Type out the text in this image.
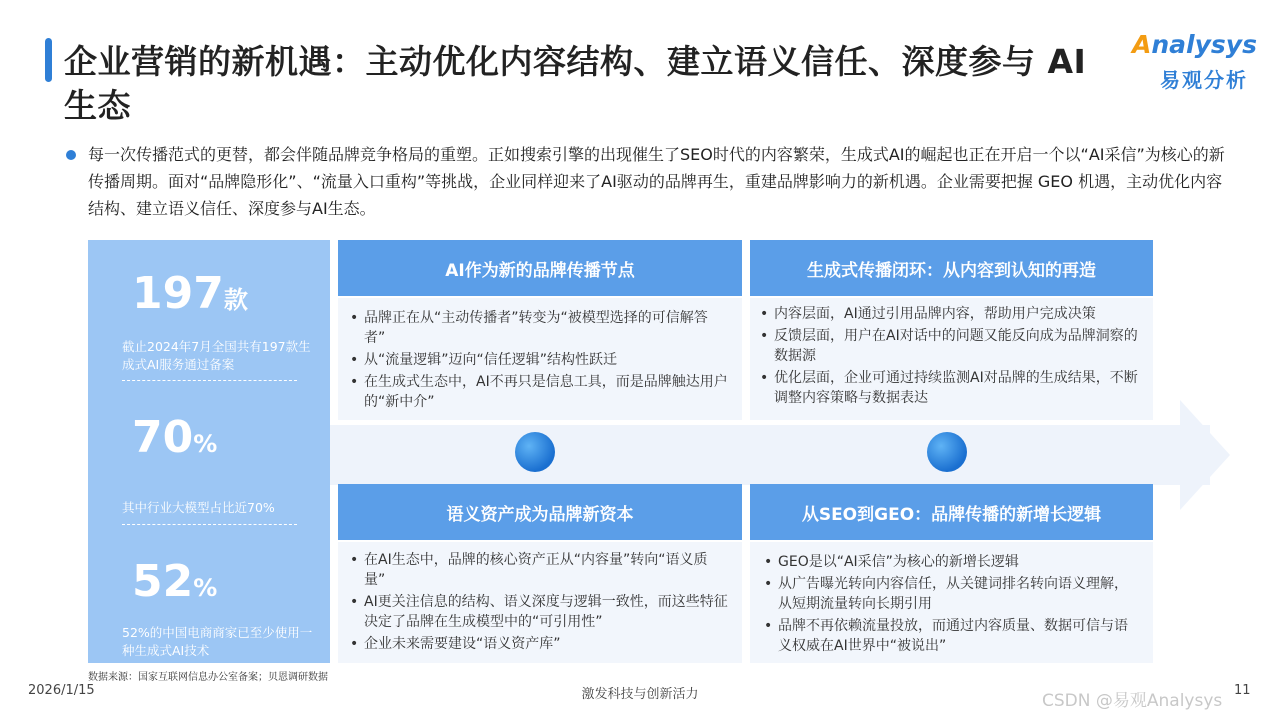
企业营销的新机遇：主动优化内容结构、建立语义信任、深度参与 AI 生态
Analysys
易观分析
每一次传播范式的更替，都会伴随品牌竞争格局的重塑。正如搜索引擎的出现催生了SEO时代的内容繁荣，生成式AI的崛起也正在开启一个以“AI采信”为核心的新传播周期。面对“品牌隐形化”、“流量入口重构”等挑战，企业同样迎来了AI驱动的品牌再生，重建品牌影响力的新机遇。企业需要把握 GEO 机遇，主动优化内容结构、建立语义信任、深度参与AI生态。
197款
截止2024年7月全国共有197款生成式AI服务通过备案
70%
其中行业大模型占比近70%
52%
52%的中国电商商家已至少使用一种生成式AI技术
AI作为新的品牌传播节点
• 品牌正在从“主动传播者”转变为“被模型选择的可信解答者”
• 从“流量逻辑”迈向“信任逻辑”结构性跃迁
• 在生成式生态中，AI不再只是信息工具，而是品牌触达用户的“新中介”
生成式传播闭环：从内容到认知的再造
• 内容层面，AI通过引用品牌内容，帮助用户完成决策
• 反馈层面，用户在AI对话中的问题又能反向成为品牌洞察的数据源
• 优化层面，企业可通过持续监测AI对品牌的生成结果，不断调整内容策略与数据表达
语义资产成为品牌新资本
• 在AI生态中，品牌的核心资产正从“内容量”转向“语义质量”
• AI更关注信息的结构、语义深度与逻辑一致性，而这些特征决定了品牌在生成模型中的“可引用性”
• 企业未来需要建设“语义资产库”
从SEO到GEO：品牌传播的新增长逻辑
• GEO是以“AI采信”为核心的新增长逻辑
• 从广告曝光转向内容信任，从关键词排名转向语义理解，从短期流量转向长期引用
• 品牌不再依赖流量投放，而通过内容质量、数据可信与语义权威在AI世界中“被说出”
数据来源：国家互联网信息办公室备案；贝恩调研数据
2026/1/15	激发科技与创新活力	CSDN @易观Analysys
11
